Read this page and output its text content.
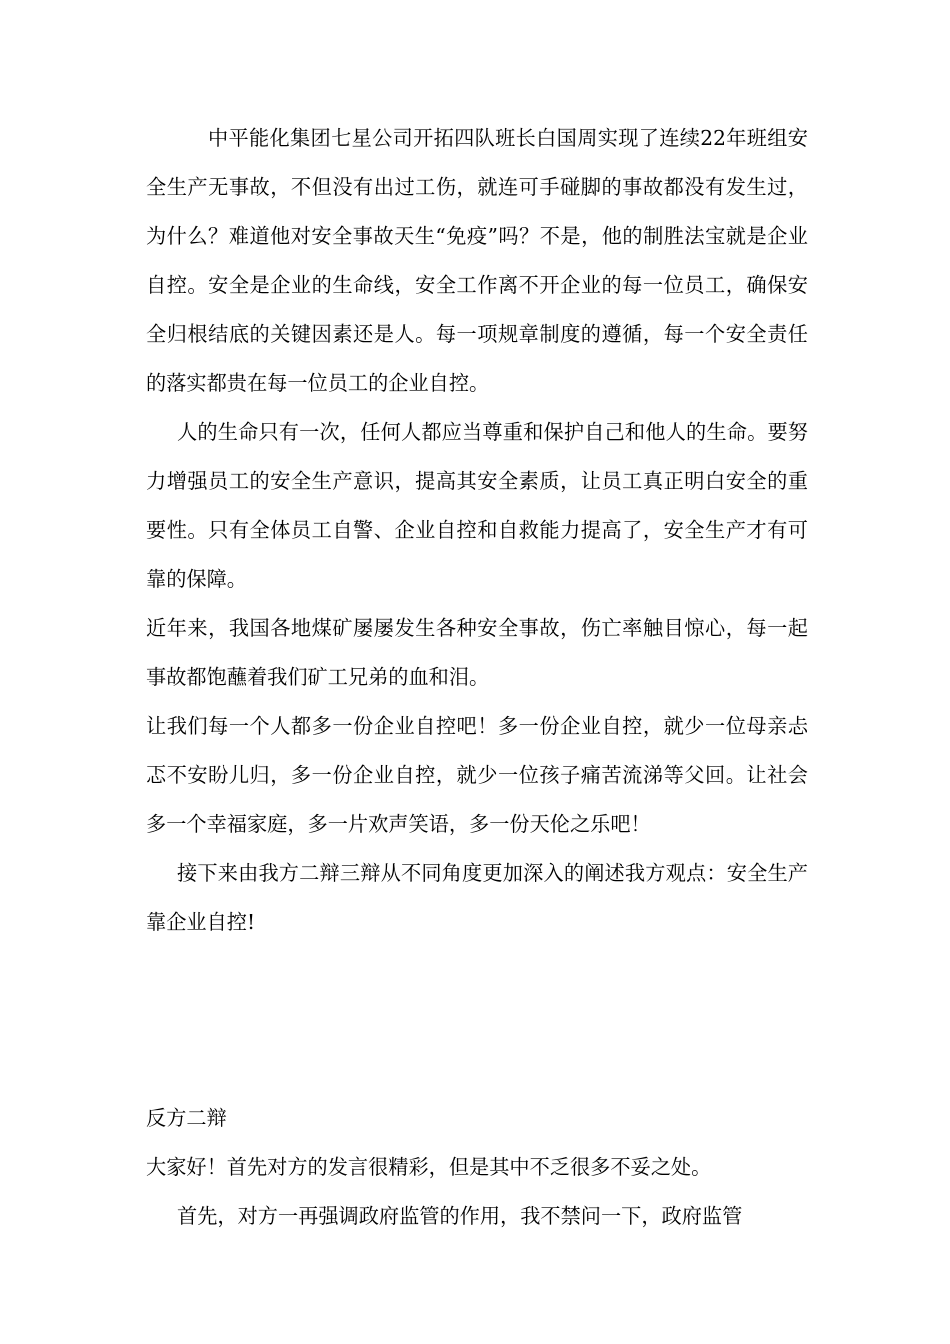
中平能化集团七星公司开拓四队班长白国周实现了连续22年班组安全生产无事故，不但没有出过工伤，就连可手碰脚的事故都没有发生过，为什么？难道他对安全事故天生“免疫”吗？不是，他的制胜法宝就是企业自控。安全是企业的生命线，安全工作离不开企业的每一位员工，确保安全归根结底的关键因素还是人。每一项规章制度的遵循，每一个安全责任的落实都贵在每一位员工的企业自控。

人的生命只有一次，任何人都应当尊重和保护自己和他人的生命。要努力增强员工的安全生产意识，提高其安全素质，让员工真正明白安全的重要性。只有全体员工自警、企业自控和自救能力提高了，安全生产才有可靠的保障。

近年来，我国各地煤矿屡屡发生各种安全事故，伤亡率触目惊心，每一起事故都饱蘸着我们矿工兄弟的血和泪。

让我们每一个人都多一份企业自控吧！多一份企业自控，就少一位母亲忐忑不安盼儿归，多一份企业自控，就少一位孩子痛苦流涕等父回。让社会多一个幸福家庭，多一片欢声笑语，多一份天伦之乐吧！

接下来由我方二辩三辩从不同角度更加深入的阐述我方观点：安全生产靠企业自控!

反方二辩

大家好！首先对方的发言很精彩，但是其中不乏很多不妥之处。

首先，对方一再强调政府监管的作用，我不禁问一下，政府监管
